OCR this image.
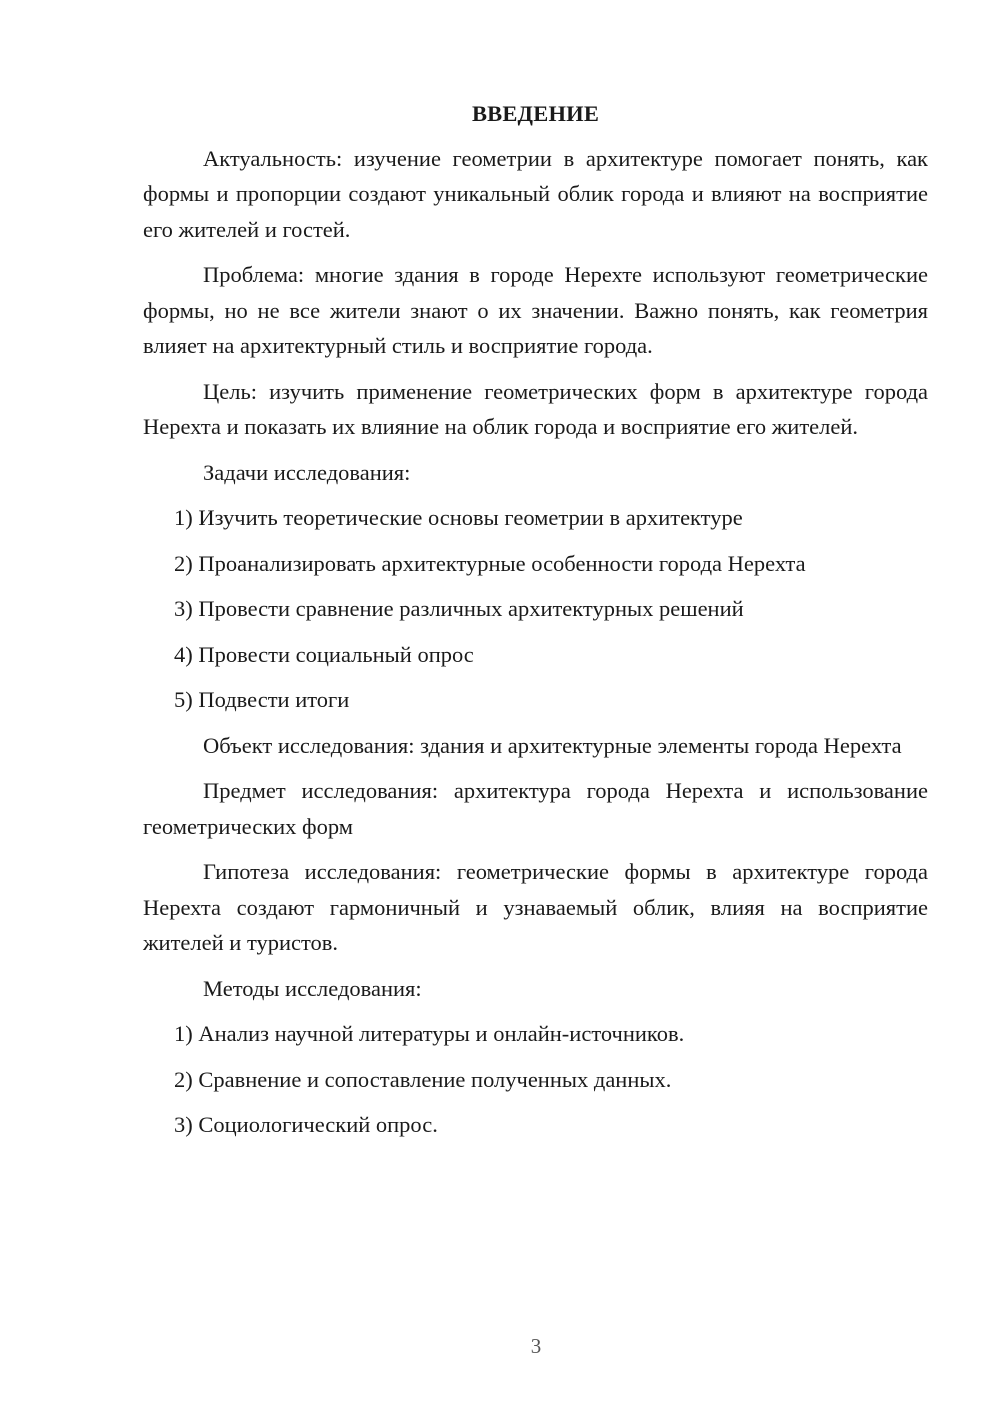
ВВЕДЕНИЕ

Актуальность: изучение геометрии в архитектуре помогает понять, как формы и пропорции создают уникальный облик города и влияют на восприятие его жителей и гостей.

Проблема: многие здания в городе Нерехте используют геометрические формы, но не все жители знают о их значении. Важно понять, как геометрия влияет на архитектурный стиль и восприятие города.

Цель: изучить применение геометрических форм в архитектуре города Нерехта и показать их влияние на облик города и восприятие его жителей.

Задачи исследования:

1) Изучить теоретические основы геометрии в архитектуре
2) Проанализировать архитектурные особенности города Нерехта
3) Провести сравнение различных архитектурных решений
4) Провести социальный опрос
5) Подвести итоги

Объект исследования: здания и архитектурные элементы города Нерехта

Предмет исследования: архитектура города Нерехта и использование геометрических форм

Гипотеза исследования: геометрические формы в архитектуре города Нерехта создают гармоничный и узнаваемый облик, влияя на восприятие жителей и туристов.

Методы исследования:

1) Анализ научной литературы и онлайн-источников.
2) Сравнение и сопоставление полученных данных.
3) Социологический опрос.
3
